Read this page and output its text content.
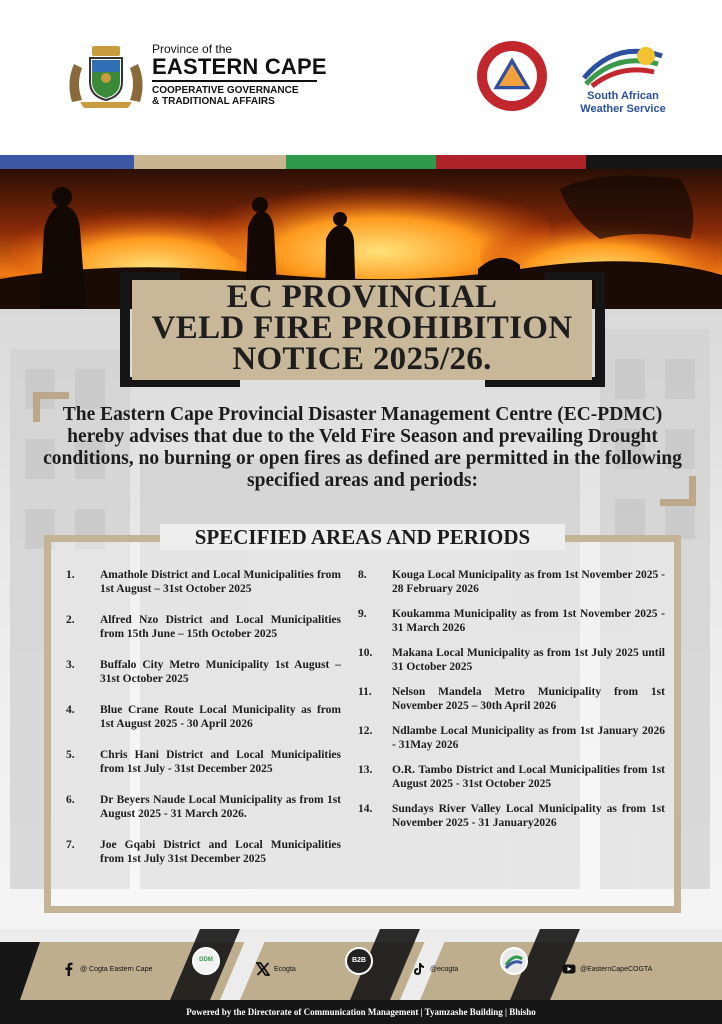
Province of the
EASTERN CAPE
COOPERATIVE GOVERNANCE
& TRADITIONAL AFFAIRS	South African
Weather Service
EC PROVINCIAL
VELD FIRE PROHIBITION
NOTICE 2025/26.
The Eastern Cape Provincial Disaster Management Centre (EC-PDMC) hereby advises that due to the Veld Fire Season and prevailing Drought conditions, no burning or open fires as defined are permitted in the following specified areas and periods:
SPECIFIED AREAS AND PERIODS
1.	Amathole District and Local Municipalities from 1st August – 31st October 2025
2.	Alfred Nzo District and Local Municipalities from 15th June – 15th October 2025
3.	Buffalo City Metro Municipality 1st August – 31st October 2025
4.	Blue Crane Route Local Municipality as from 1st August 2025 - 30 April 2026
5.	Chris Hani District and Local Municipalities from 1st July - 31st December 2025
6.	Dr Beyers Naude Local Municipality as from 1st August 2025 - 31 March 2026.
7.	Joe Gqabi District and Local Municipalities from 1st July 31st December 2025
8.	Kouga Local Municipality as from 1st November 2025 - 28 February 2026
9.	Koukamma Municipality as from 1st November 2025 - 31 March 2026
10.	Makana Local Municipality as from 1st July 2025 until 31 October 2025
11.	Nelson Mandela Metro Municipality from 1st November 2025 – 30th April 2026
12.	Ndlambe Local Municipality as from 1st January 2026 - 31May 2026
13.	O.R. Tambo District and Local Municipalities from 1st August 2025 - 31st October 2025
14.	Sundays River Valley Local Municipality as from 1st November 2025 - 31 January2026
@ Cogta Eastern Cape
DDM
Ecogta
B2B
@ecogta	@EasternCapeCOGTA
Powered by the Directorate of Communication Management | Tyamzashe Building | Bhisho
